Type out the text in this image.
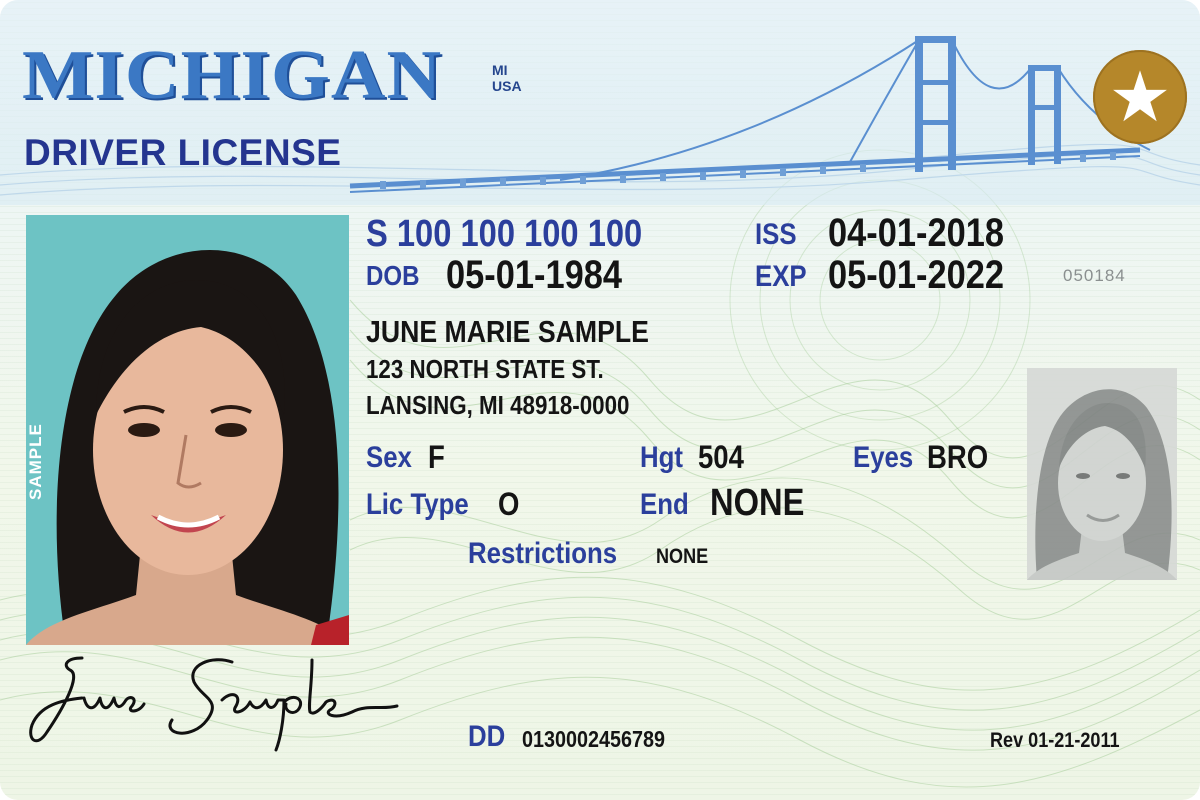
MICHIGAN	MI
USA
DRIVER LICENSE
★
SAMPLE
S 100 100 100 100
DOB 05-01-1984
ISS 04-01-2018
EXP 05-01-2022	050184
JUNE MARIE SAMPLE
123 NORTH STATE ST.
LANSING, MI 48918-0000
Sex F	Hgt 504	Eyes BRO
Lic Type O	End NONE
Restrictions	NONE
DD 0130002456789	Rev 01-21-2011
